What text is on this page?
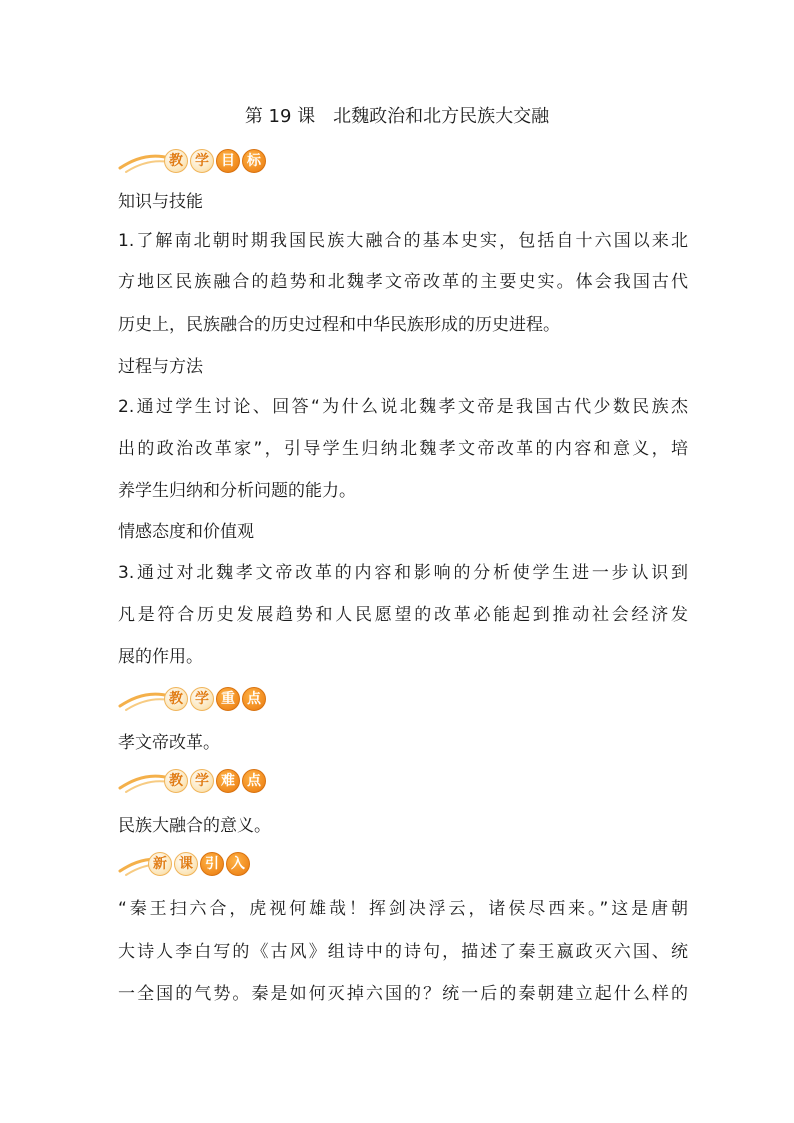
第 19 课　北魏政治和北方民族大交融
教 学 目 标
知识与技能
1.了解南北朝时期我国民族大融合的基本史实，包括自十六国以来北
方地区民族融合的趋势和北魏孝文帝改革的主要史实。体会我国古代
历史上，民族融合的历史过程和中华民族形成的历史进程。
过程与方法
2.通过学生讨论、回答“为什么说北魏孝文帝是我国古代少数民族杰
出的政治改革家”，引导学生归纳北魏孝文帝改革的内容和意义，培
养学生归纳和分析问题的能力。
情感态度和价值观
3.通过对北魏孝文帝改革的内容和影响的分析使学生进一步认识到
凡是符合历史发展趋势和人民愿望的改革必能起到推动社会经济发
展的作用。
教 学 重 点
孝文帝改革。
教 学 难 点
民族大融合的意义。
新 课 引 入
“秦王扫六合，虎视何雄哉！挥剑决浮云，诸侯尽西来。”这是唐朝
大诗人李白写的《古风》组诗中的诗句，描述了秦王嬴政灭六国、统
一全国的气势。秦是如何灭掉六国的？统一后的秦朝建立起什么样的
